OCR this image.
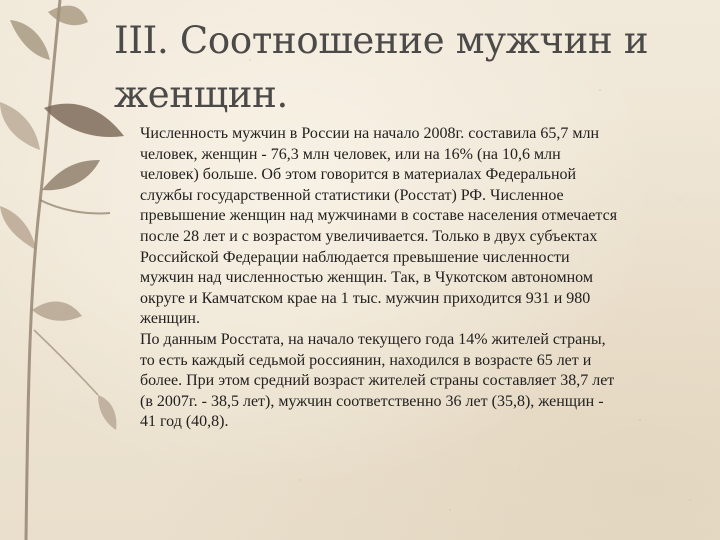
III. Соотношение мужчин и женщин.

Численность мужчин в России на начало 2008г. составила 65,7 млн человек, женщин - 76,3 млн человек, или на 16% (на 10,6 млн человек) больше. Об этом говорится в материалах Федеральной службы государственной статистики (Росстат) РФ. Численное превышение женщин над мужчинами в составе населения отмечается после 28 лет и с возрастом увеличивается. Только в двух субъектах Российской Федерации наблюдается превышение численности мужчин над численностью женщин. Так, в Чукотском автономном округе и Камчатском крае на 1 тыс. мужчин приходится 931 и 980 женщин.

По данным Росстата, на начало текущего года 14% жителей страны, то есть каждый седьмой россиянин, находился в возрасте 65 лет и более. При этом средний возраст жителей страны составляет 38,7 лет (в 2007г. - 38,5 лет), мужчин соответственно 36 лет (35,8), женщин - 41 год (40,8).
